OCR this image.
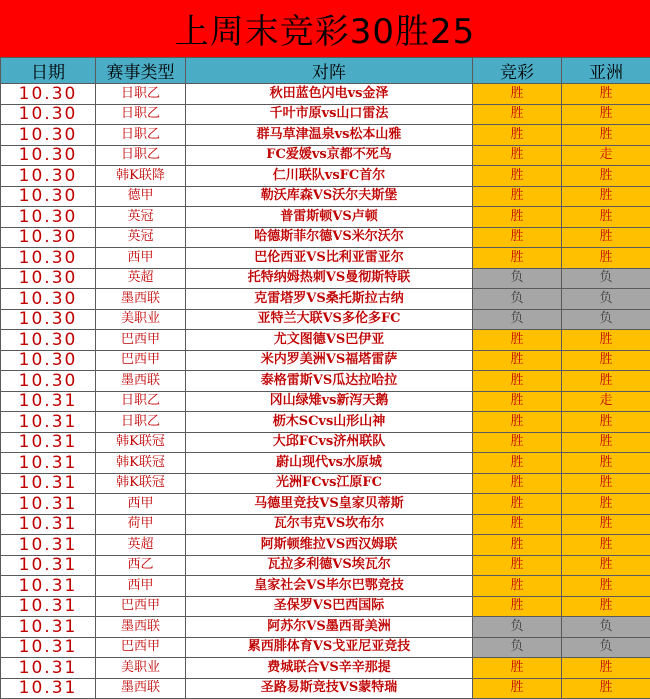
上周末竞彩30胜25
日期	赛事类型	对阵	竞彩	亚洲
10.30	日职乙	秋田蓝色闪电vs金泽	胜	胜
10.30	日职乙	千叶市原vs山口雷法	胜	胜
10.30	日职乙	群马草津温泉vs松本山雅	胜	胜
10.30	日职乙	FC爱媛vs京都不死鸟	胜	走
10.30	韩K联降	仁川联队vsFC首尔	胜	胜
10.30	德甲	勒沃库森VS沃尔夫斯堡	胜	胜
10.30	英冠	普雷斯顿VS卢顿	胜	胜
10.30	英冠	哈德斯菲尔德VS米尔沃尔	胜	胜
10.30	西甲	巴伦西亚VS比利亚雷亚尔	胜	胜
10.30	英超	托特纳姆热刺VS曼彻斯特联	负	负
10.30	墨西联	克雷塔罗VS桑托斯拉古纳	负	负
10.30	美职业	亚特兰大联VS多伦多FC	负	负
10.30	巴西甲	尤文图德VS巴伊亚	胜	胜
10.30	巴西甲	米内罗美洲VS福塔雷萨	胜	胜
10.30	墨西联	泰格雷斯VS瓜达拉哈拉	胜	胜
10.31	日职乙	冈山绿雉vs新泻天鹅	胜	走
10.31	日职乙	枥木SCvs山形山神	胜	胜
10.31	韩K联冠	大邱FCvs济州联队	胜	胜
10.31	韩K联冠	蔚山现代vs水原城	胜	胜
10.31	韩K联冠	光洲FCvs江原FC	胜	胜
10.31	西甲	马德里竞技VS皇家贝蒂斯	胜	胜
10.31	荷甲	瓦尔韦克VS坎布尔	胜	胜
10.31	英超	阿斯顿维拉VS西汉姆联	胜	胜
10.31	西乙	瓦拉多利德VS埃瓦尔	胜	胜
10.31	西甲	皇家社会VS毕尔巴鄂竞技	胜	胜
10.31	巴西甲	圣保罗VS巴西国际	胜	胜
10.31	墨西联	阿苏尔VS墨西哥美洲	负	负
10.31	巴西甲	累西腓体育VS戈亚尼亚竞技	负	负
10.31	美职业	费城联合VS辛辛那提	胜	胜
10.31	墨西联	圣路易斯竞技VS蒙特瑞	胜	胜
